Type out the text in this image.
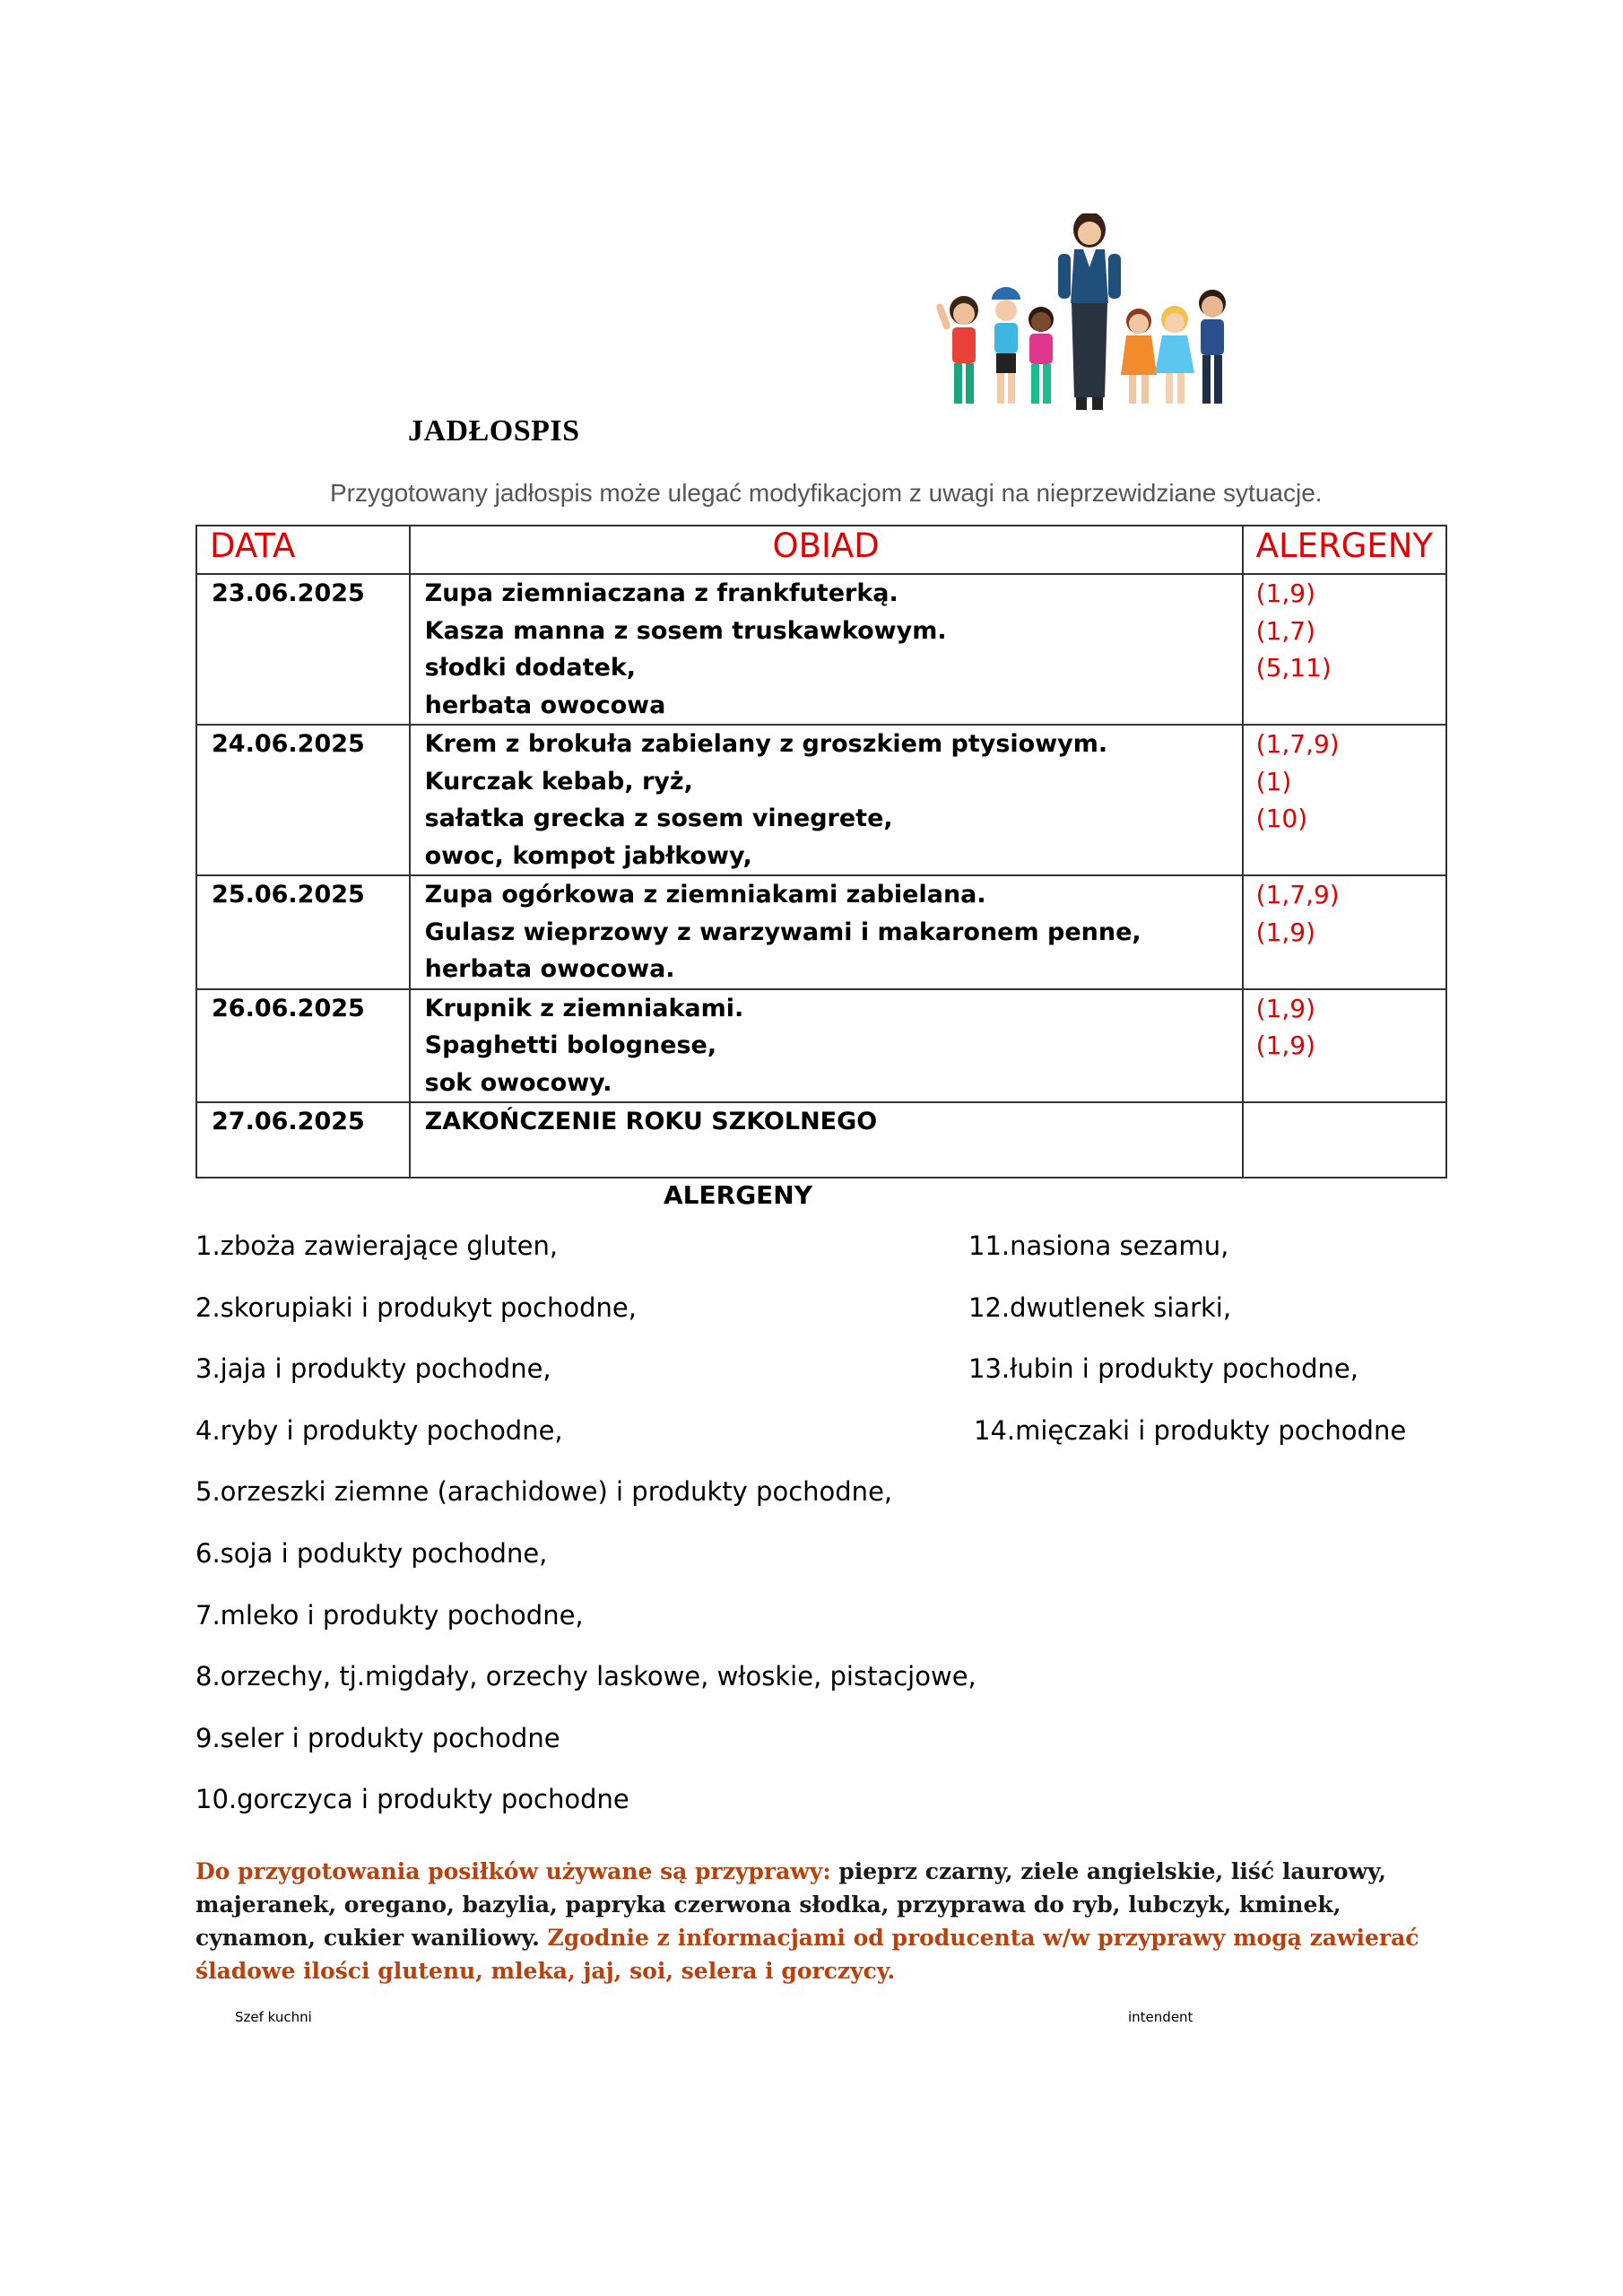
JADŁOSPIS
Przygotowany jadłospis może ulegać modyfikacjom z uwagi na nieprzewidziane sytuacje.
DATA	OBIAD	ALERGENY
23.06.2025	Zupa ziemniaczana z frankfuterką.
Kasza manna z sosem truskawkowym.
słodki dodatek,
herbata owocowa	(1,9)
(1,7)
(5,11)

24.06.2025	Krem z brokuła zabielany z groszkiem ptysiowym.
Kurczak kebab, ryż,
sałatka grecka z sosem vinegrete,
owoc, kompot jabłkowy,	(1,7,9)
(1)
(10)

25.06.2025	Zupa ogórkowa z ziemniakami zabielana.
Gulasz wieprzowy z warzywami i makaronem penne,
herbata owocowa.	(1,7,9)
(1,9)

26.06.2025	Krupnik z ziemniakami.
Spaghetti bolognese,
sok owocowy.	(1,9)
(1,9)

27.06.2025	ZAKOŃCZENIE ROKU SZKOLNEGO	

ALERGENY
1.zboża zawierające gluten,
2.skorupiaki i produkyt pochodne,
3.jaja i produkty pochodne,
4.ryby i produkty pochodne,
5.orzeszki ziemne (arachidowe) i produkty pochodne,
6.soja i podukty pochodne,
7.mleko i produkty pochodne,
8.orzechy, tj.migdały, orzechy laskowe, włoskie, pistacjowe,
9.seler i produkty pochodne
10.gorczyca i produkty pochodne
11.nasiona sezamu,
12.dwutlenek siarki,
13.łubin i produkty pochodne,
14.mięczaki i produkty pochodne
Do przygotowania posiłków używane są przyprawy: pieprz czarny, ziele angielskie, liść laurowy, majeranek, oregano, bazylia, papryka czerwona słodka, przyprawa do ryb, lubczyk, kminek, cynamon, cukier waniliowy. Zgodnie z informacjami od producenta w/w przyprawy mogą zawierać śladowe ilości glutenu, mleka, jaj, soi, selera i gorczycy.
Szef kuchni	intendent
